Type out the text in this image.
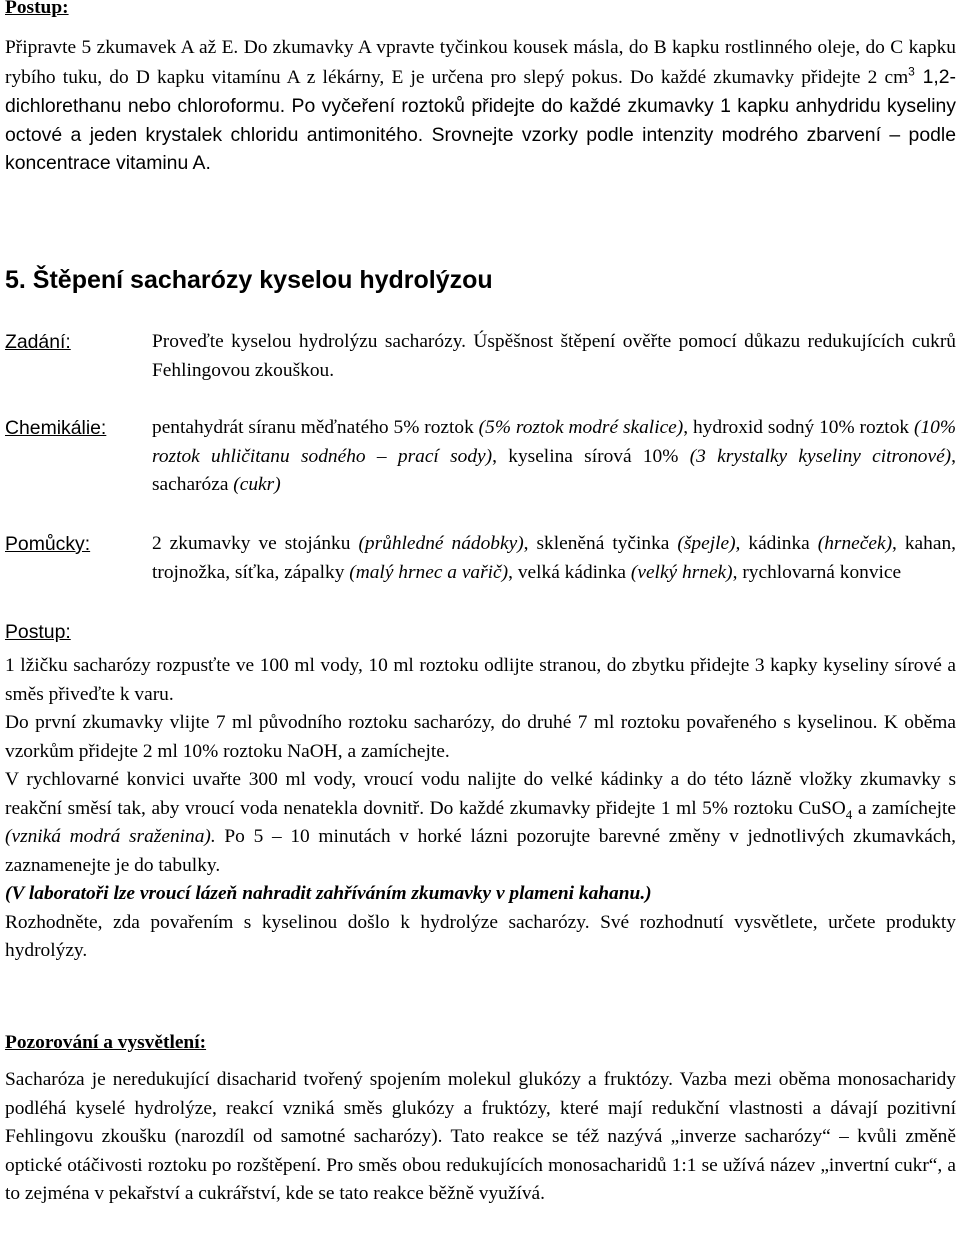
Postup:

Připravte 5 zkumavek A až E. Do zkumavky A vpravte tyčinkou kousek másla, do B kapku rostlinného oleje, do C kapku rybího tuku, do D kapku vitamínu A z lékárny, E je určena pro slepý pokus. Do každé zkumavky přidejte 2 $cm^3$ 1,2-dichlorethanu nebo chloroformu. Po vyčeření roztoků přidejte do každé zkumavky 1 kapku anhydridu kyseliny octové a jeden krystalek chloridu antimonitého. Srovnejte vzorky podle intenzity modrého zbarvení – podle koncentrace vitaminu A.

5. Štěpení sacharózy kyselou hydrolýzou

Zadání:	Proveďte kyselou hydrolýzu sacharózy. Úspěšnost štěpení ověřte pomocí důkazu redukujících cukrů Fehlingovou zkouškou.
Chemikálie:	pentahydrát síranu měďnatého 5% roztok (5% roztok modré skalice), hydroxid sodný 10% roztok (10% roztok uhličitanu sodného – prací sody), kyselina sírová 10% (3 krystalky kyseliny citronové), sacharóza (cukr)
Pomůcky:	2 zkumavky ve stojánku (průhledné nádobky), skleněná tyčinka (špejle), kádinka (hrneček), kahan, trojnožka, síťka, zápalky (malý hrnec a vařič), velká kádinka (velký hrnek), rychlovarná konvice

Postup:

1 lžičku sacharózy rozpusťte ve 100 ml vody, 10 ml roztoku odlijte stranou, do zbytku přidejte 3 kapky kyseliny sírové a směs přiveďte k varu.

Do první zkumavky vlijte 7 ml původního roztoku sacharózy, do druhé 7 ml roztoku povařeného s kyselinou. K oběma vzorkům přidejte 2 ml 10% roztoku NaOH, a zamíchejte.

V rychlovarné konvici uvařte 300 ml vody, vroucí vodu nalijte do velké kádinky a do této lázně vložky zkumavky s reakční směsí tak, aby vroucí voda nenatekla dovnitř. Do každé zkumavky přidejte 1 ml 5% roztoku CuSO$_4$ a zamíchejte (vzniká modrá sraženina). Po 5 – 10 minutách v horké lázni pozorujte barevné změny v jednotlivých zkumavkách, zaznamenejte je do tabulky.

(V laboratoři lze vroucí lázeň nahradit zahříváním zkumavky v plameni kahanu.)

Rozhodněte, zda povařením s kyselinou došlo k hydrolýze sacharózy. Své rozhodnutí vysvětlete, určete produkty hydrolýzy.

Pozorování a vysvětlení:

Sacharóza je neredukující disacharid tvořený spojením molekul glukózy a fruktózy. Vazba mezi oběma monosacharidy podléhá kyselé hydrolýze, reakcí vzniká směs glukózy a fruktózy, které mají redukční vlastnosti a dávají pozitivní Fehlingovu zkoušku (narozdíl od samotné sacharózy). Tato reakce se též nazývá „inverze sacharózy“ – kvůli změně optické otáčivosti roztoku po rozštěpení. Pro směs obou redukujících monosacharidů 1:1 se užívá název „invertní cukr“, a to zejména v pekařství a cukrářství, kde se tato reakce běžně využívá.
